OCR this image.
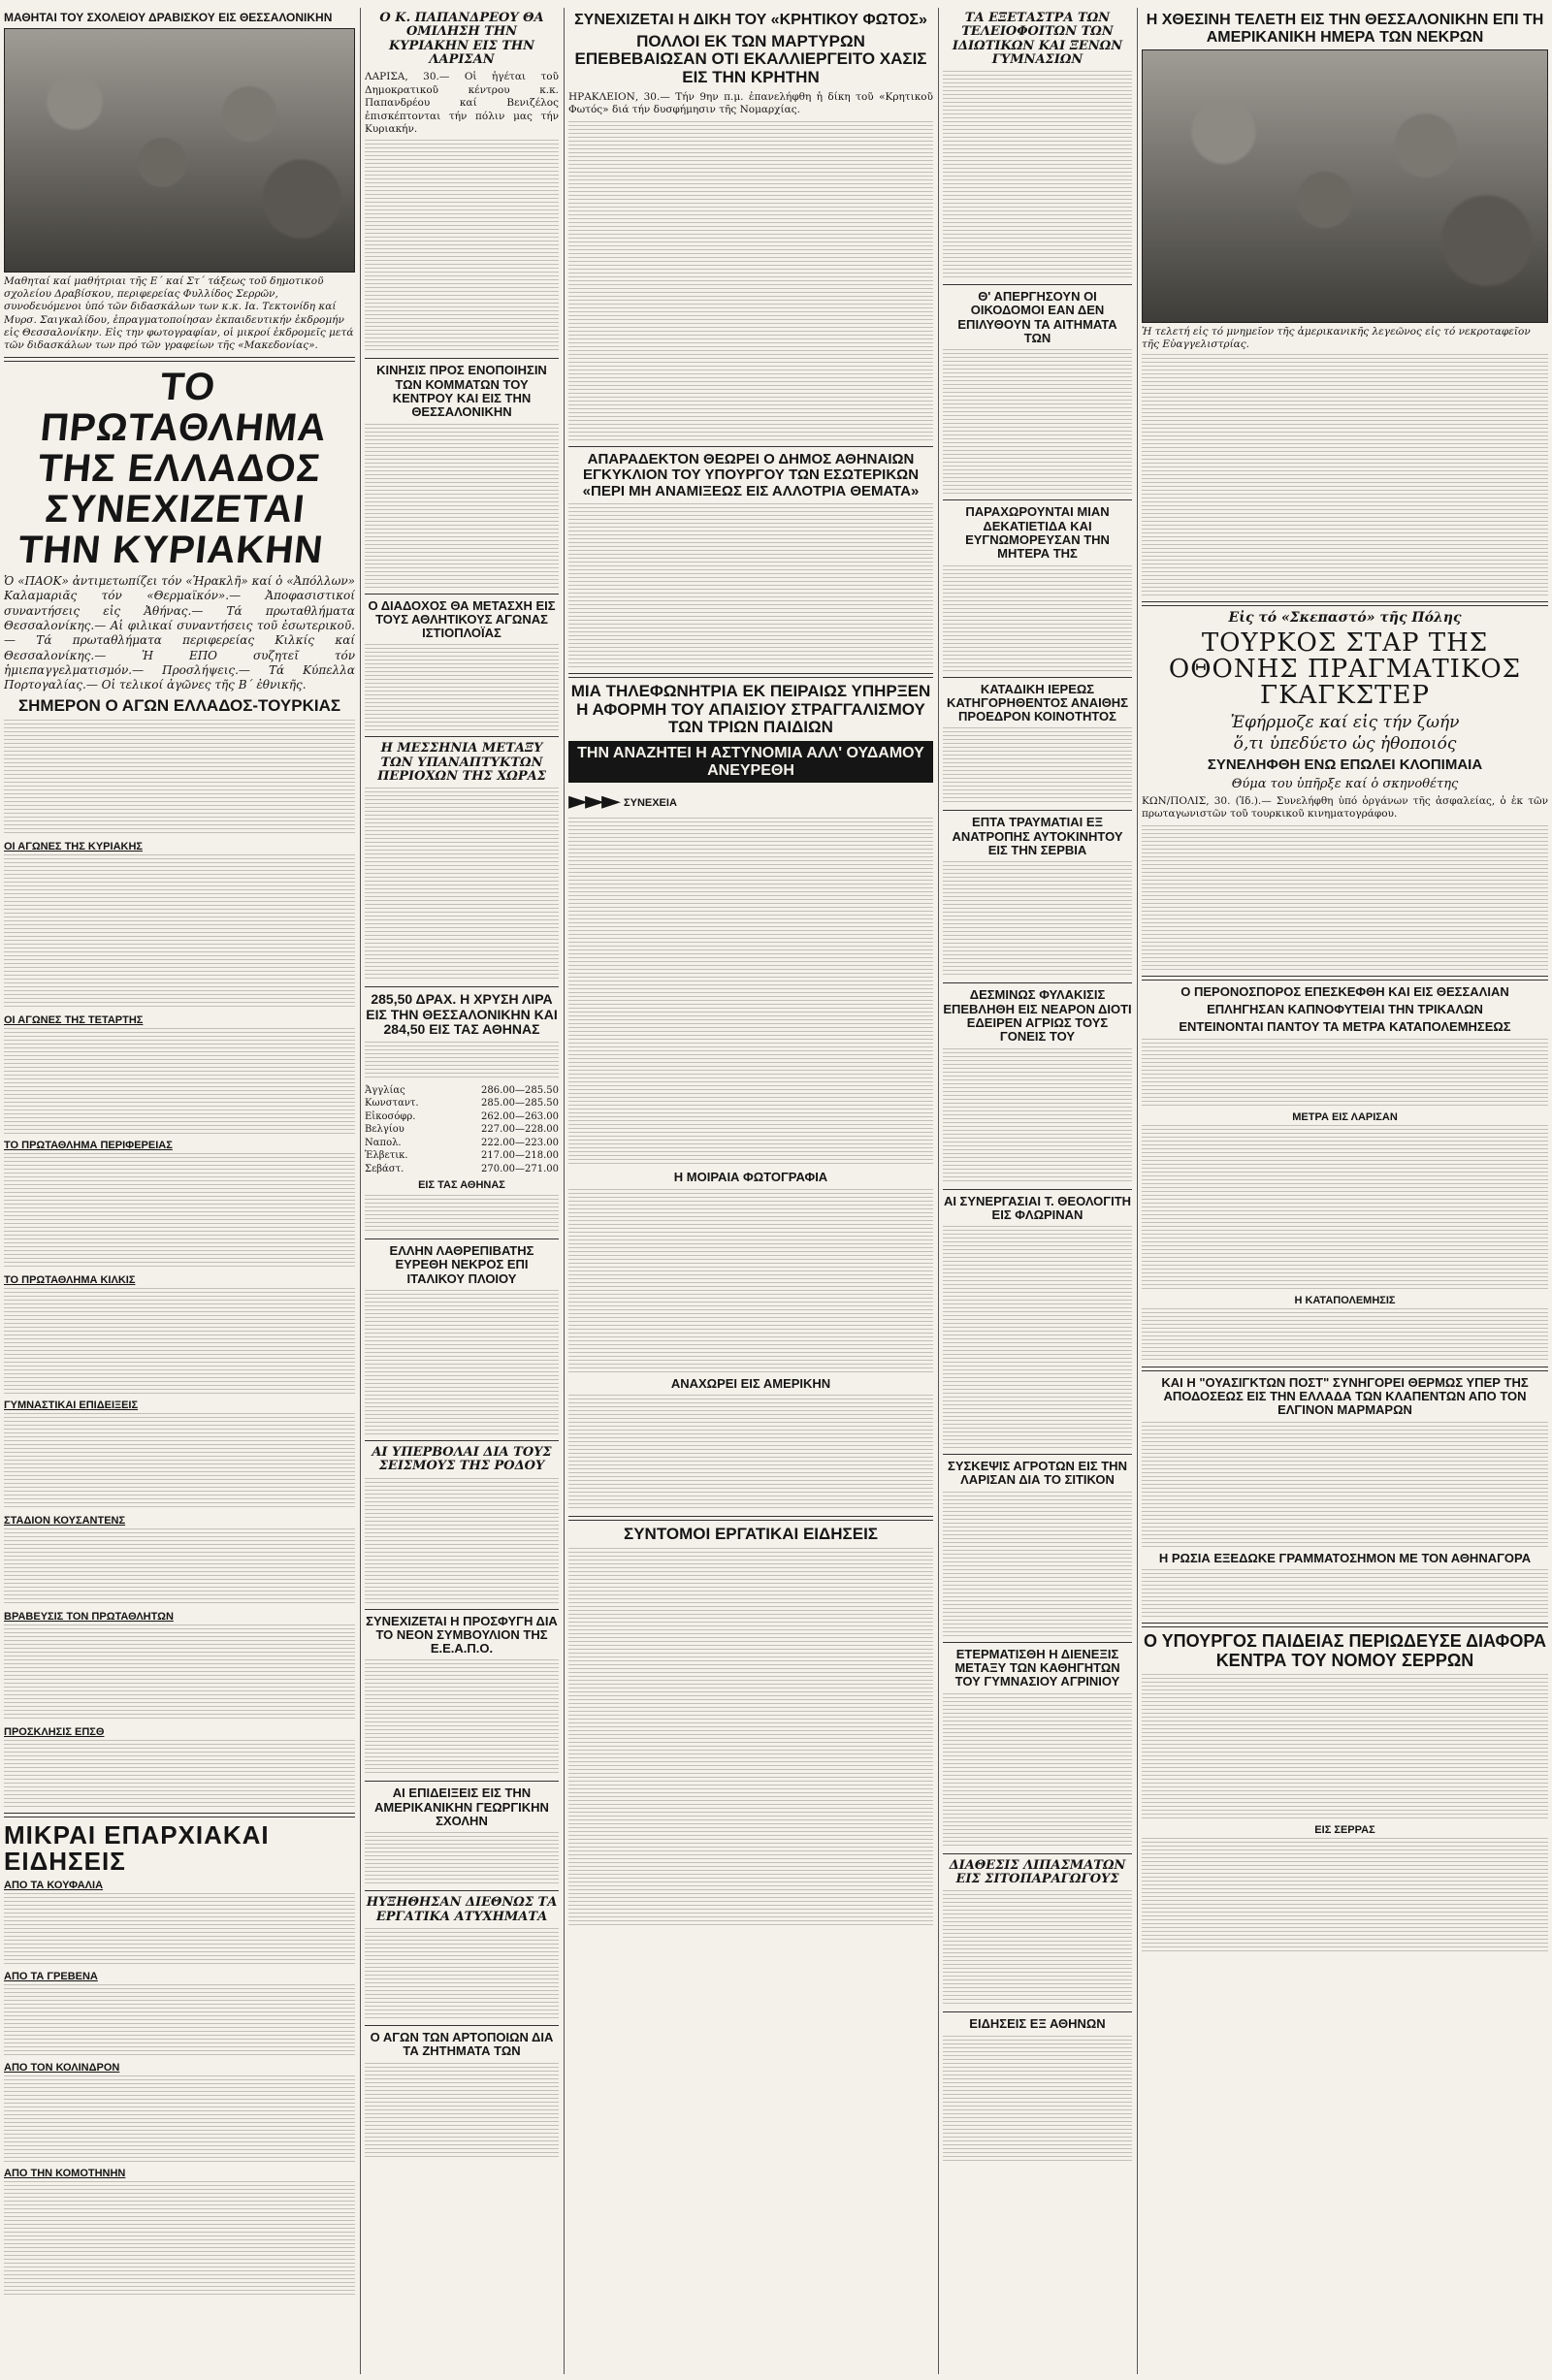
ΜΑΘΗΤΑΙ ΤΟΥ ΣΧΟΛΕΙΟΥ ΔΡΑΒΙΣΚΟΥ ΕΙΣ ΘΕΣΣΑΛΟΝΙΚΗΝ
Μαθηταί καί μαθήτριαι τῆς Ε΄ καί Στ΄ τάξεως τοῦ δημοτικοῦ σχολείου Δραβίσκου, περιφερείας Φυλλίδος Σερρῶν, συνοδευόμενοι ὑπό τῶν διδασκάλων των κ.κ. Ια. Τεκτονίδη καί Μυρσ. Σαιγκαλίδου, ἐπραγματοποίησαν ἐκπαιδευτικήν ἐκδρομήν εἰς Θεσσαλονίκην. Εἰς την φωτογραφίαν, οἱ μικροί ἐκδρομεῖς μετά τῶν διδασκάλων των πρό τῶν γραφείων τῆς «Μακεδονίας».
ΤΟ ΠΡΩΤΑΘΛΗΜΑ ΤΗΣ ΕΛΛΑΔΟΣ ΣΥΝΕΧΙΖΕΤΑΙ ΤΗΝ ΚΥΡΙΑΚΗΝ
Ὁ «ΠΑΟΚ» ἀντιμετωπίζει τόν «Ἡρακλῆ» καί ὁ «Ἀπόλλων» Καλαμαριᾶς τόν «Θερμαϊκόν».— Ἀποφασιστικοί συναντήσεις εἰς Ἀθήνας.— Τά πρωταθλήματα Θεσσαλονίκης.— Αἱ φιλικαί συναντήσεις τοῦ ἐσωτερικοῦ.— Τά πρωταθλήματα περιφερείας Κιλκίς καί Θεσσαλονίκης.— Ἡ ΕΠΟ συζητεῖ τόν ἡμιεπαγγελματισμόν.— Προσλήψεις.— Τά Κύπελλα Πορτογαλίας.— Οἱ τελικοί ἀγῶνες τῆς Β΄ ἐθνικῆς.
ΣΗΜΕΡΟΝ Ο ΑΓΩΝ ΕΛΛΑΔΟΣ-ΤΟΥΡΚΙΑΣ
ΟΙ ΑΓΩΝΕΣ ΤΗΣ ΚΥΡΙΑΚΗΣ
ΟΙ ΑΓΩΝΕΣ ΤΗΣ ΤΕΤΑΡΤΗΣ
ΤΟ ΠΡΩΤΑΘΛΗΜΑ ΠΕΡΙΦΕΡΕΙΑΣ
ΤΟ ΠΡΩΤΑΘΛΗΜΑ ΚΙΛΚΙΣ
ΓΥΜΝΑΣΤΙΚΑΙ ΕΠΙΔΕΙΞΕΙΣ
ΣΤΑΔΙΟΝ ΚΟΥΣΑΝΤΕΝΣ
ΒΡΑΒΕΥΣΙΣ ΤΟΝ ΠΡΩΤΑΘΛΗΤΩΝ
ΠΡΟΣΚΛΗΣΙΣ ΕΠΣΘ
ΜΙΚΡΑΙ ΕΠΑΡΧΙΑΚΑΙ ΕΙΔΗΣΕΙΣ
ΑΠΟ ΤΑ ΚΟΥΦΑΛΙΑ
ΑΠΟ ΤΑ ΓΡΕΒΕΝΑ
ΑΠΟ ΤΟΝ ΚΟΛΙΝΔΡΟΝ
ΑΠΟ ΤΗΝ ΚΟΜΟΤΗΝΗΝ
Ο Κ. ΠΑΠΑΝΔΡΕΟΥ ΘΑ ΟΜΙΛΗΣΗ ΤΗΝ ΚΥΡΙΑΚΗΝ ΕΙΣ ΤΗΝ ΛΑΡΙΣΑΝ
ΛΑΡΙΣΑ, 30.— Οἱ ἡγέται τοῦ Δημοκρατικοῦ κέντρου κ.κ. Παπανδρέου καί Βενιζέλος ἐπισκέπτονται τήν πόλιν μας τήν Κυριακήν.
ΚΙΝΗΣΙΣ ΠΡΟΣ ΕΝΟΠΟΙΗΣΙΝ ΤΩΝ ΚΟΜΜΑΤΩΝ ΤΟΥ ΚΕΝΤΡΟΥ ΚΑΙ ΕΙΣ ΤΗΝ ΘΕΣΣΑΛΟΝΙΚΗΝ
Ο ΔΙΑΔΟΧΟΣ ΘΑ ΜΕΤΑΣΧΗ ΕΙΣ ΤΟΥΣ ΑΘΛΗΤΙΚΟΥΣ ΑΓΩΝΑΣ ΙΣΤΙΟΠΛΟΪΑΣ
Η ΜΕΣΣΗΝΙΑ ΜΕΤΑΞΥ ΤΩΝ ΥΠΑΝΑΠΤΥΚΤΩΝ ΠΕΡΙΟΧΩΝ ΤΗΣ ΧΩΡΑΣ
285,50 ΔΡΑΧ. Η ΧΡΥΣΗ ΛΙΡΑ ΕΙΣ ΤΗΝ ΘΕΣΣΑΛΟΝΙΚΗΝ ΚΑΙ 284,50 ΕΙΣ ΤΑΣ ΑΘΗΝΑΣ
Ἀγγλίας	286.00—285.50
Κωνσταντ.	285.00—285.50
Εἰκοσόφρ.	262.00—263.00
Βελγίου	227.00—228.00
Ναπολ.	222.00—223.00
Ἑλβετικ.	217.00—218.00
Σεβάστ.	270.00—271.00
ΕΙΣ ΤΑΣ ΑΘΗΝΑΣ
ΕΛΛΗΝ ΛΑΘΡΕΠΙΒΑΤΗΣ ΕΥΡΕΘΗ ΝΕΚΡΟΣ ΕΠΙ ΙΤΑΛΙΚΟΥ ΠΛΟΙΟΥ
ΑΙ ΥΠΕΡΒΟΛΑΙ ΔΙΑ ΤΟΥΣ ΣΕΙΣΜΟΥΣ ΤΗΣ ΡΟΔΟΥ
ΣΥΝΕΧΙΖΕΤΑΙ Η ΠΡΟΣΦΥΓΗ ΔΙΑ ΤΟ ΝΕΟΝ ΣΥΜΒΟΥΛΙΟΝ ΤΗΣ Ε.Ε.Α.Π.Ο.
ΑΙ ΕΠΙΔΕΙΞΕΙΣ ΕΙΣ ΤΗΝ ΑΜΕΡΙΚΑΝΙΚΗΝ ΓΕΩΡΓΙΚΗΝ ΣΧΟΛΗΝ
ΗΥΞΗΘΗΣΑΝ ΔΙΕΘΝΩΣ ΤΑ ΕΡΓΑΤΙΚΑ ΑΤΥΧΗΜΑΤΑ
Ο ΑΓΩΝ ΤΩΝ ΑΡΤΟΠΟΙΩΝ ΔΙΑ ΤΑ ΖΗΤΗΜΑΤΑ ΤΩΝ
ΣΥΝΕΧΙΖΕΤΑΙ Η ΔΙΚΗ ΤΟΥ «ΚΡΗΤΙΚΟΥ ΦΩΤΟΣ»
ΠΟΛΛΟΙ ΕΚ ΤΩΝ ΜΑΡΤΥΡΩΝ ΕΠΕΒΕΒΑΙΩΣΑΝ ΟΤΙ ΕΚΑΛΛΙΕΡΓΕΙΤΟ ΧΑΣΙΣ ΕΙΣ ΤΗΝ ΚΡΗΤΗΝ
ΗΡΑΚΛΕΙΟΝ, 30.— Τήν 9ην π.μ. ἐπανελήφθη ἡ δίκη τοῦ «Κρητικοῦ Φωτός» διά τήν δυσφήμησιν τῆς Νομαρχίας.
ΑΠΑΡΑΔΕΚΤΟΝ ΘΕΩΡΕΙ Ο ΔΗΜΟΣ ΑΘΗΝΑΙΩΝ ΕΓΚΥΚΛΙΟΝ ΤΟΥ ΥΠΟΥΡΓΟΥ ΤΩΝ ΕΣΩΤΕΡΙΚΩΝ «ΠΕΡΙ ΜΗ ΑΝΑΜΙΞΕΩΣ ΕΙΣ ΑΛΛΟΤΡΙΑ ΘΕΜΑΤΑ»
ΜΙΑ ΤΗΛΕΦΩΝΗΤΡΙΑ ΕΚ ΠΕΙΡΑΙΩΣ ΥΠΗΡΞΕΝ Η ΑΦΟΡΜΗ ΤΟΥ ΑΠΑΙΣΙΟΥ ΣΤΡΑΓΓΑΛΙΣΜΟΥ ΤΩΝ ΤΡΙΩΝ ΠΑΙΔΙΩΝ
ΤΗΝ ΑΝΑΖΗΤΕΙ Η ΑΣΤΥΝΟΜΙΑ ΑΛΛ' ΟΥΔΑΜΟΥ ΑΝΕΥΡΕΘΗ
►►► ΣΥΝΕΧΕΙΑ
Η ΜΟΙΡΑΙΑ ΦΩΤΟΓΡΑΦΙΑ
ΑΝΑΧΩΡΕΙ ΕΙΣ ΑΜΕΡΙΚΗΝ
ΣΥΝΤΟΜΟΙ ΕΡΓΑΤΙΚΑΙ ΕΙΔΗΣΕΙΣ
ΤΑ ΕΞΕΤΑΣΤΡΑ ΤΩΝ ΤΕΛΕΙΟΦΟΙΤΩΝ ΤΩΝ ΙΔΙΩΤΙΚΩΝ ΚΑΙ ΞΕΝΩΝ ΓΥΜΝΑΣΙΩΝ
Θ' ΑΠΕΡΓΗΣΟΥΝ ΟΙ ΟΙΚΟΔΟΜΟΙ ΕΑΝ ΔΕΝ ΕΠΙΛΥΘΟΥΝ ΤΑ ΑΙΤΗΜΑΤΑ ΤΩΝ
ΠΑΡΑΧΩΡΟΥΝΤΑΙ ΜΙΑΝ ΔΕΚΑΤΙΕΤΙΔΑ ΚΑΙ ΕΥΓΝΩΜΟΡΕΥΣΑΝ ΤΗΝ ΜΗΤΕΡΑ ΤΗΣ
ΚΑΤΑΔΙΚΗ ΙΕΡΕΩΣ ΚΑΤΗΓΟΡΗΘΕΝΤΟΣ ΑΝΑΙΘΗΣ ΠΡΟΕΔΡΟΝ ΚΟΙΝΟΤΗΤΟΣ
ΕΠΤΑ ΤΡΑΥΜΑΤΙΑΙ ΕΞ ΑΝΑΤΡΟΠΗΣ ΑΥΤΟΚΙΝΗΤΟΥ ΕΙΣ ΤΗΝ ΣΕΡΒΙΑ
ΔΕΣΜΙΝΩΣ ΦΥΛΑΚΙΣΙΣ ΕΠΕΒΛΗΘΗ ΕΙΣ ΝΕΑΡΟΝ ΔΙΟΤΙ ΕΔΕΙΡΕΝ ΑΓΡΙΩΣ ΤΟΥΣ ΓΟΝΕΙΣ ΤΟΥ
ΑΙ ΣΥΝΕΡΓΑΣΙΑΙ Τ. ΘΕΟΛΟΓΙΤΗ ΕΙΣ ΦΛΩΡΙΝΑΝ
ΣΥΣΚΕΨΙΣ ΑΓΡΟΤΩΝ ΕΙΣ ΤΗΝ ΛΑΡΙΣΑΝ ΔΙΑ ΤΟ ΣΙΤΙΚΟΝ
ΕΤΕΡΜΑΤΙΣΘΗ Η ΔΙΕΝΕΞΙΣ ΜΕΤΑΞΥ ΤΩΝ ΚΑΘΗΓΗΤΩΝ ΤΟΥ ΓΥΜΝΑΣΙΟΥ ΑΓΡΙΝΙΟΥ
ΔΙΑΘΕΣΙΣ ΛΙΠΑΣΜΑΤΩΝ ΕΙΣ ΣΙΤΟΠΑΡΑΓΩΓΟΥΣ
ΕΙΔΗΣΕΙΣ ΕΞ ΑΘΗΝΩΝ
Η ΧΘΕΣΙΝΗ ΤΕΛΕΤΗ ΕΙΣ ΤΗΝ ΘΕΣΣΑΛΟΝΙΚΗΝ ΕΠΙ ΤΗ ΑΜΕΡΙΚΑΝΙΚΗ ΗΜΕΡΑ ΤΩΝ ΝΕΚΡΩΝ
Ἡ τελετή εἰς τό μνημεῖον τῆς ἀμερικανικῆς λεγεῶνος εἰς τό νεκροταφεῖον τῆς Εὐαγγελιστρίας.
Εἰς τό «Σκεπαστό» τῆς Πόλης
ΤΟΥΡΚΟΣ ΣΤΑΡ ΤΗΣ ΟΘΟΝΗΣ ΠΡΑΓΜΑΤΙΚΟΣ ΓΚΑΓΚΣΤΕΡ
Ἐφήρμοζε καί εἰς τήν ζωήν
ὅ,τι ὑπεδύετο ὡς ἠθοποιός
ΣΥΝΕΛΗΦΘΗ ΕΝΩ ΕΠΩΛΕΙ ΚΛΟΠΙΜΑΙΑ
Θύμα του ὑπῆρξε καί ὁ σκηνοθέτης
ΚΩΝ/ΠΟΛΙΣ, 30. (Ἰδ.).— Συνελήφθη ὑπό ὀργάνων τῆς ἀσφαλείας, ὁ ἐκ τῶν πρωταγωνιστῶν τοῦ τουρκικοῦ κινηματογράφου.
Ο ΠΕΡΟΝΟΣΠΟΡΟΣ ΕΠΕΣΚΕΦΘΗ ΚΑΙ ΕΙΣ ΘΕΣΣΑΛΙΑΝ
ΕΠΛΗΓΗΣΑΝ ΚΑΠΝΟΦΥΤΕΙΑΙ ΤΗΝ ΤΡΙΚΑΛΩΝ
ΕΝΤΕΙΝΟΝΤΑΙ ΠΑΝΤΟΥ ΤΑ ΜΕΤΡΑ ΚΑΤΑΠΟΛΕΜΗΣΕΩΣ
ΜΕΤΡΑ ΕΙΣ ΛΑΡΙΣΑΝ
Η ΚΑΤΑΠΟΛΕΜΗΣΙΣ
ΚΑΙ Η "ΟΥΑΣΙΓΚΤΩΝ ΠΟΣΤ" ΣΥΝΗΓΟΡΕΙ ΘΕΡΜΩΣ ΥΠΕΡ ΤΗΣ ΑΠΟΔΟΣΕΩΣ ΕΙΣ ΤΗΝ ΕΛΛΑΔΑ ΤΩΝ ΚΛΑΠΕΝΤΩΝ ΑΠΟ ΤΟΝ ΕΛΓΙΝΟΝ ΜΑΡΜΑΡΩΝ
Η ΡΩΣΙΑ ΕΞΕΔΩΚΕ ΓΡΑΜΜΑΤΟΣΗΜΟΝ ΜΕ ΤΟΝ ΑΘΗΝΑΓΟΡΑ
Ο ΥΠΟΥΡΓΟΣ ΠΑΙΔΕΙΑΣ ΠΕΡΙΩΔΕΥΣΕ ΔΙΑΦΟΡΑ ΚΕΝΤΡΑ ΤΟΥ ΝΟΜΟΥ ΣΕΡΡΩΝ
ΕΙΣ ΣΕΡΡΑΣ
